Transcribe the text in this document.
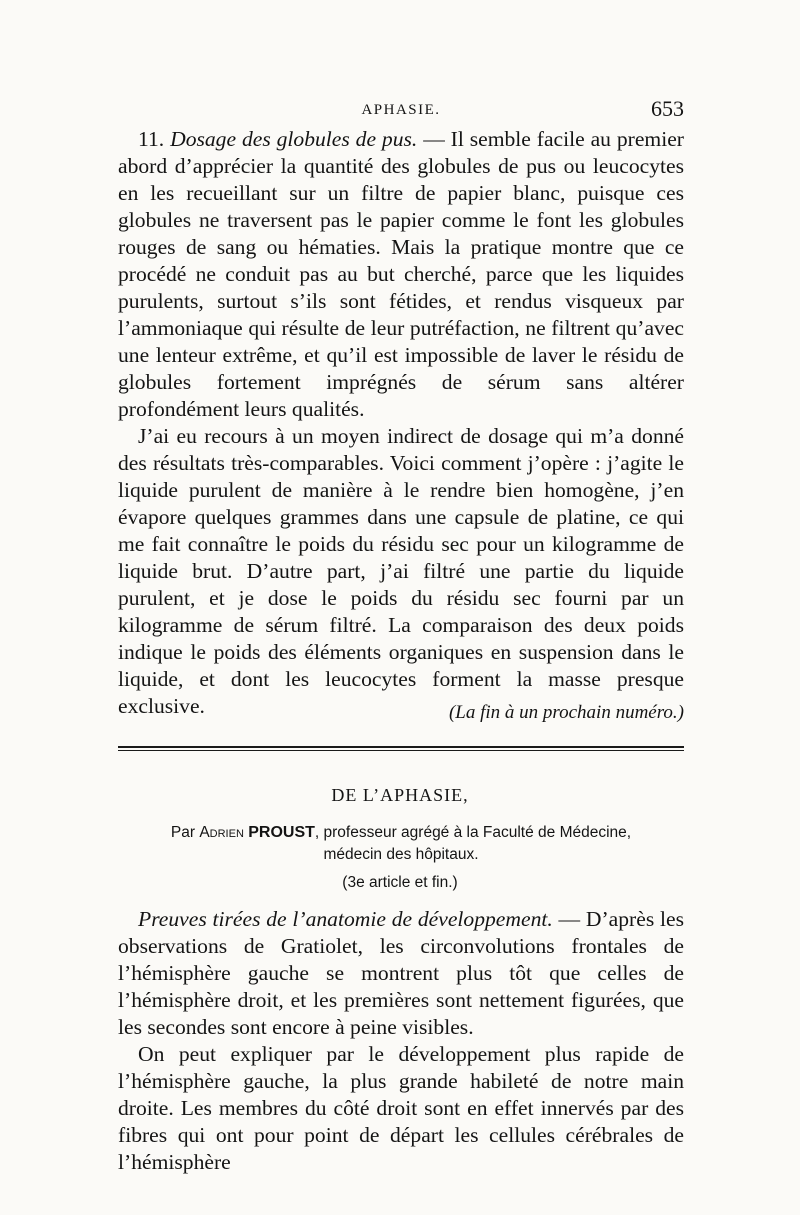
APHASIE.	653

11. Dosage des globules de pus. — Il semble facile au premier abord d’apprécier la quantité des globules de pus ou leucocytes en les recueillant sur un filtre de papier blanc, puisque ces globules ne traversent pas le papier comme le font les globules rouges de sang ou hématies. Mais la pratique montre que ce procédé ne conduit pas au but cherché, parce que les liquides purulents, surtout s’ils sont fétides, et rendus visqueux par l’ammoniaque qui résulte de leur putréfaction, ne filtrent qu’avec une lenteur extrême, et qu’il est impossible de laver le résidu de globules fortement imprégnés de sérum sans altérer profondément leurs qualités.

J’ai eu recours à un moyen indirect de dosage qui m’a donné des résultats très-comparables. Voici comment j’opère : j’agite le liquide purulent de manière à le rendre bien homogène, j’en évapore quelques grammes dans une capsule de platine, ce qui me fait connaître le poids du résidu sec pour un kilogramme de liquide brut. D’autre part, j’ai filtré une partie du liquide purulent, et je dose le poids du résidu sec fourni par un kilogramme de sérum filtré. La comparaison des deux poids indique le poids des éléments organiques en suspension dans le liquide, et dont les leucocytes forment la masse presque exclusive.	(La fin à un prochain numéro.)
DE L’APHASIE,
Par Adrien PROUST, professeur agrégé à la Faculté de Médecine,
médecin des hôpitaux.
(3e article et fin.)

Preuves tirées de l’anatomie de développement. — D’après les observations de Gratiolet, les circonvolutions frontales de l’hémisphère gauche se montrent plus tôt que celles de l’hémisphère droit, et les premières sont nettement figurées, que les secondes sont encore à peine visibles.

On peut expliquer par le développement plus rapide de l’hémisphère gauche, la plus grande habileté de notre main droite. Les membres du côté droit sont en effet innervés par des fibres qui ont pour point de départ les cellules cérébrales de l’hémisphère
